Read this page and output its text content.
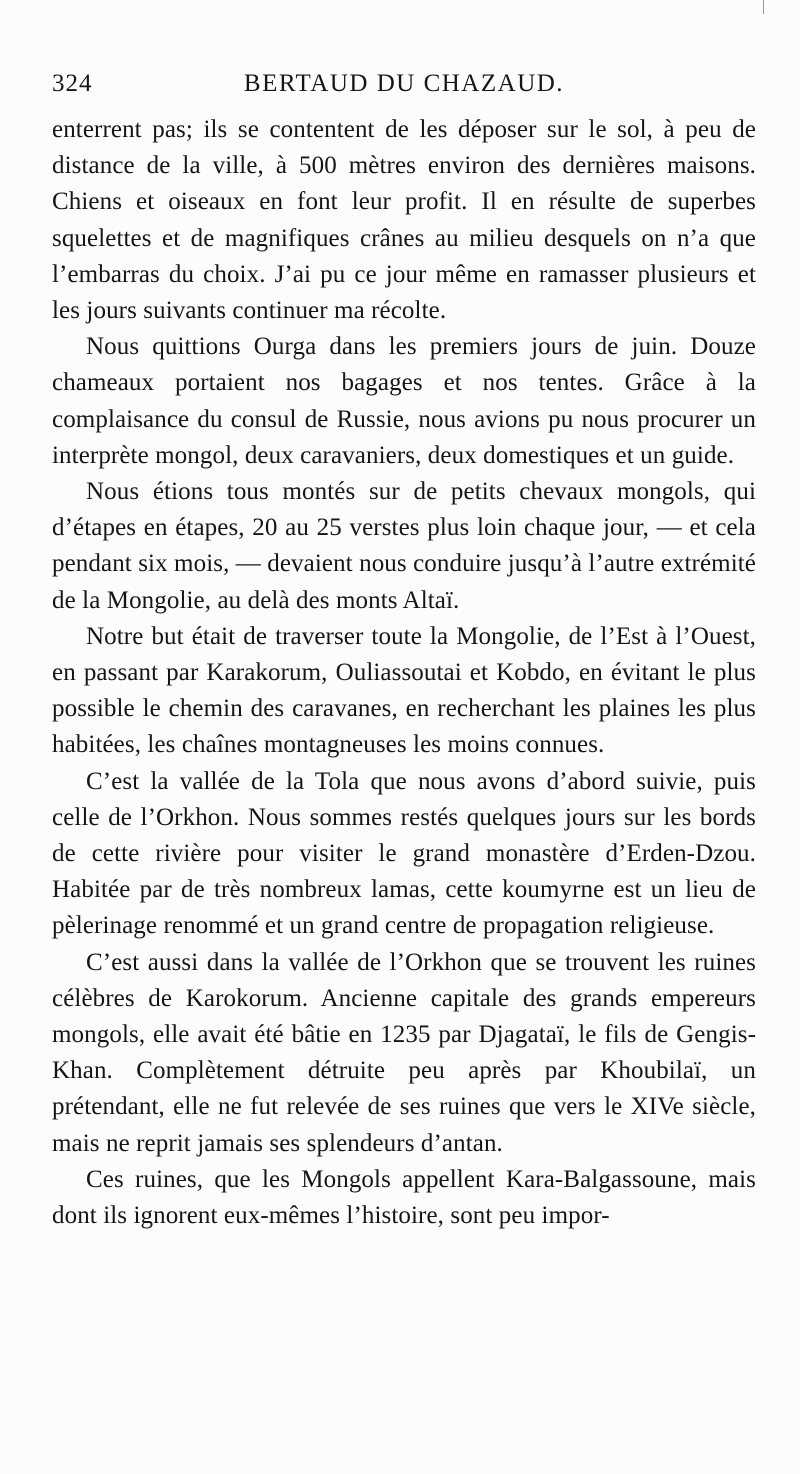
324	BERTAUD DU CHAZAUD.

enterrent pas; ils se contentent de les déposer sur le sol, à peu de distance de la ville, à 500 mètres environ des dernières maisons. Chiens et oiseaux en font leur profit. Il en résulte de superbes squelettes et de magnifiques crânes au milieu desquels on n’a que l’embarras du choix. J’ai pu ce jour même en ramasser plusieurs et les jours suivants continuer ma récolte.

Nous quittions Ourga dans les premiers jours de juin. Douze chameaux portaient nos bagages et nos tentes. Grâce à la complaisance du consul de Russie, nous avions pu nous procurer un interprète mongol, deux caravaniers, deux domestiques et un guide.

Nous étions tous montés sur de petits chevaux mongols, qui d’étapes en étapes, 20 au 25 verstes plus loin chaque jour, — et cela pendant six mois, — devaient nous conduire jusqu’à l’autre extrémité de la Mongolie, au delà des monts Altaï.

Notre but était de traverser toute la Mongolie, de l’Est à l’Ouest, en passant par Karakorum, Ouliassoutai et Kobdo, en évitant le plus possible le chemin des caravanes, en recherchant les plaines les plus habitées, les chaînes montagneuses les moins connues.

C’est la vallée de la Tola que nous avons d’abord suivie, puis celle de l’Orkhon. Nous sommes restés quelques jours sur les bords de cette rivière pour visiter le grand monastère d’Erden-Dzou. Habitée par de très nombreux lamas, cette koumyrne est un lieu de pèlerinage renommé et un grand centre de propagation religieuse.

C’est aussi dans la vallée de l’Orkhon que se trouvent les ruines célèbres de Karokorum. Ancienne capitale des grands empereurs mongols, elle avait été bâtie en 1235 par Djagataï, le fils de Gengis-Khan. Complètement détruite peu après par Khoubilaï, un prétendant, elle ne fut relevée de ses ruines que vers le XIVe siècle, mais ne reprit jamais ses splendeurs d’antan.

Ces ruines, que les Mongols appellent Kara-Balgassoune, mais dont ils ignorent eux-mêmes l’histoire, sont peu impor-
